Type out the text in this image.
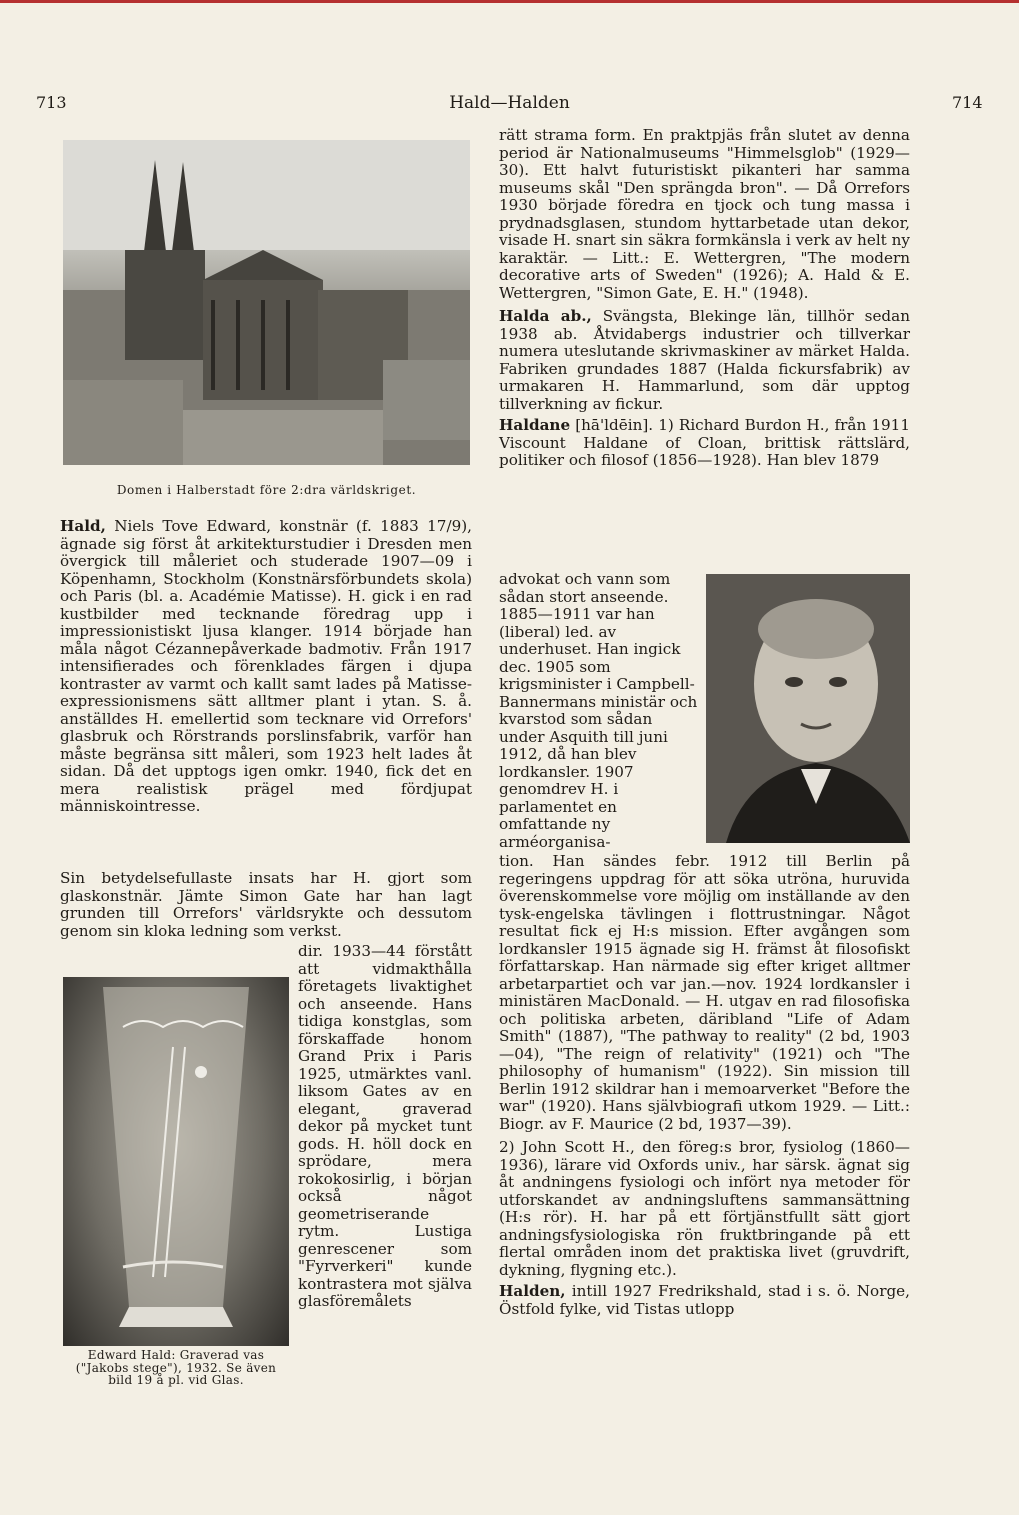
713	Hald—Halden	714
Domen i Halberstadt före 2:dra världskriget.

Hald, Niels Tove Edward, konstnär (f. 1883 17/9), ägnade sig först åt arkitekturstudier i Dresden men övergick till måleriet och studerade 1907—09 i Köpenhamn, Stockholm (Konstnärsförbundets skola) och Paris (bl. a. Académie Matisse). H. gick i en rad kustbilder med tecknande föredrag upp i impressionistiskt ljusa klanger. 1914 började han måla något Cézannepåverkade badmotiv. Från 1917 intensifierades och förenklades färgen i djupa kontraster av varmt och kallt samt lades på Matisse-expressionismens sätt alltmer plant i ytan. S. å. anställdes H. emellertid som tecknare vid Orrefors' glasbruk och Rörstrands porslinsfabrik, varför han måste begränsa sitt måleri, som 1923 helt lades åt sidan. Då det upptogs igen omkr. 1940, fick det en mera realistisk prägel med fördjupat människointresse.

Sin betydelsefullaste insats har H. gjort som glaskonstnär. Jämte Simon Gate har han lagt grunden till Orrefors' världsrykte och dessutom genom sin kloka ledning som verkst.

dir. 1933—44 förstått att vidmakthålla företagets livaktighet och anseende. Hans tidiga konstglas, som förskaffade honom Grand Prix i Paris 1925, utmärktes vanl. liksom Gates av en elegant, graverad dekor på mycket tunt gods. H. höll dock en sprödare, mera rokokosirlig, i början också något geometriserande rytm. Lustiga genrescener som "Fyrverkeri" kunde kontrastera mot själva glasföremålets

Edward Hald: Graverad vas
("Jakobs stege"), 1932. Se även
bild 19 å pl. vid Glas.

rätt strama form. En praktpjäs från slutet av denna period är Nationalmuseums "Himmelsglob" (1929—30). Ett halvt futuristiskt pikanteri har samma museums skål "Den sprängda bron". — Då Orrefors 1930 började föredra en tjock och tung massa i prydnadsglasen, stundom hyttarbetade utan dekor, visade H. snart sin säkra formkänsla i verk av helt ny karaktär. — Litt.: E. Wettergren, "The modern decorative arts of Sweden" (1926); A. Hald & E. Wettergren, "Simon Gate, E. H." (1948).

Halda ab., Svängsta, Blekinge län, tillhör sedan 1938 ab. Åtvidabergs industrier och tillverkar numera uteslutande skrivmaskiner av märket Halda. Fabriken grundades 1887 (Halda fickursfabrik) av urmakaren H. Hammarlund, som där upptog tillverkning av fickur.

Haldane [hā'ldēin]. 1) Richard Burdon H., från 1911 Viscount Haldane of Cloan, brittisk rättslärd, politiker och filosof (1856—1928). Han blev 1879

advokat och vann som sådan stort anseende. 1885—1911 var han (liberal) led. av underhuset. Han ingick dec. 1905 som krigsminister i Campbell-Bannermans ministär och kvarstod som sådan under Asquith till juni 1912, då han blev lordkansler. 1907 genomdrev H. i parlamentet en omfattande ny arméorganisa-

tion. Han sändes febr. 1912 till Berlin på regeringens uppdrag för att söka utröna, huruvida överenskommelse vore möjlig om inställande av den tysk-engelska tävlingen i flottrustningar. Något resultat fick ej H:s mission. Efter avgången som lordkansler 1915 ägnade sig H. främst åt filosofiskt författarskap. Han närmade sig efter kriget alltmer arbetarpartiet och var jan.—nov. 1924 lordkansler i ministären MacDonald. — H. utgav en rad filosofiska och politiska arbeten, däribland "Life of Adam Smith" (1887), "The pathway to reality" (2 bd, 1903—04), "The reign of relativity" (1921) och "The philosophy of humanism" (1922). Sin mission till Berlin 1912 skildrar han i memoarverket "Before the war" (1920). Hans självbiografi utkom 1929. — Litt.: Biogr. av F. Maurice (2 bd, 1937—39).

2) John Scott H., den föreg:s bror, fysiolog (1860—1936), lärare vid Oxfords univ., har särsk. ägnat sig åt andningens fysiologi och infört nya metoder för utforskandet av andningsluftens sammansättning (H:s rör). H. har på ett förtjänstfullt sätt gjort andningsfysiologiska rön fruktbringande på ett flertal områden inom det praktiska livet (gruvdrift, dykning, flygning etc.).

Halden, intill 1927 Fredrikshald, stad i s. ö. Norge, Östfold fylke, vid Tistas utlopp
